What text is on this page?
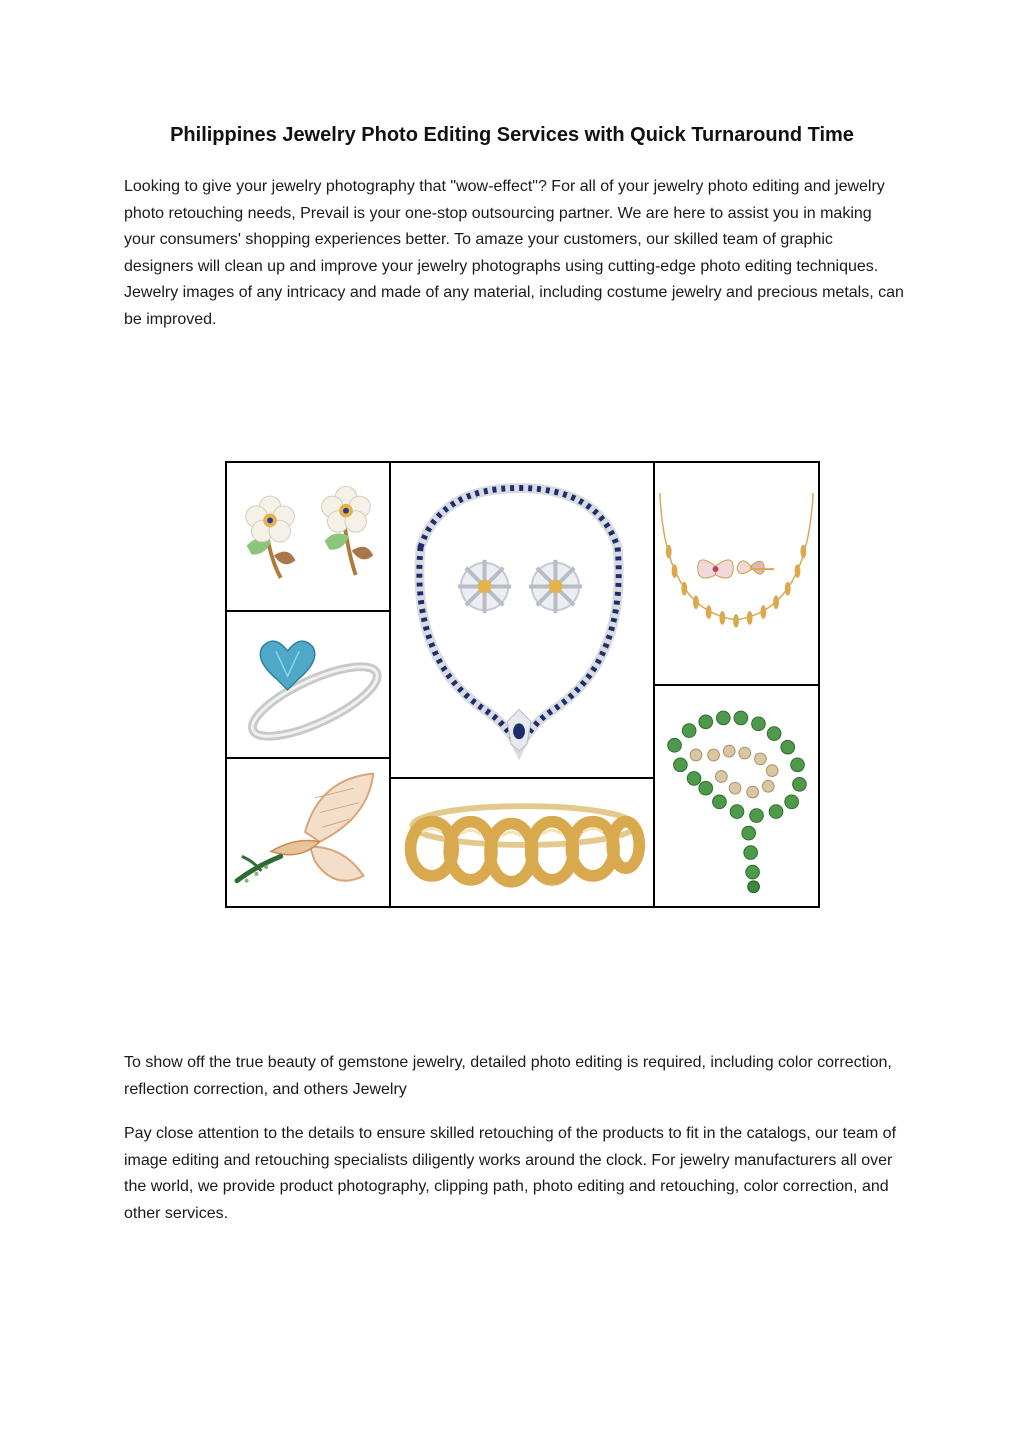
Philippines Jewelry Photo Editing Services with Quick Turnaround Time

Looking to give your jewelry photography that "wow-effect"? For all of your jewelry photo editing and jewelry photo retouching needs, Prevail is your one-stop outsourcing partner. We are here to assist you in making your consumers' shopping experiences better. To amaze your customers, our skilled team of graphic designers will clean up and improve your jewelry photographs using cutting-edge photo editing techniques. Jewelry images of any intricacy and made of any material, including costume jewelry and precious metals, can be improved.

To show off the true beauty of gemstone jewelry, detailed photo editing is required, including color correction, reflection correction, and others Jewelry

Pay close attention to the details to ensure skilled retouching of the products to fit in the catalogs, our team of image editing and retouching specialists diligently works around the clock. For jewelry manufacturers all over the world, we provide product photography, clipping path, photo editing and retouching, color correction, and other services.
